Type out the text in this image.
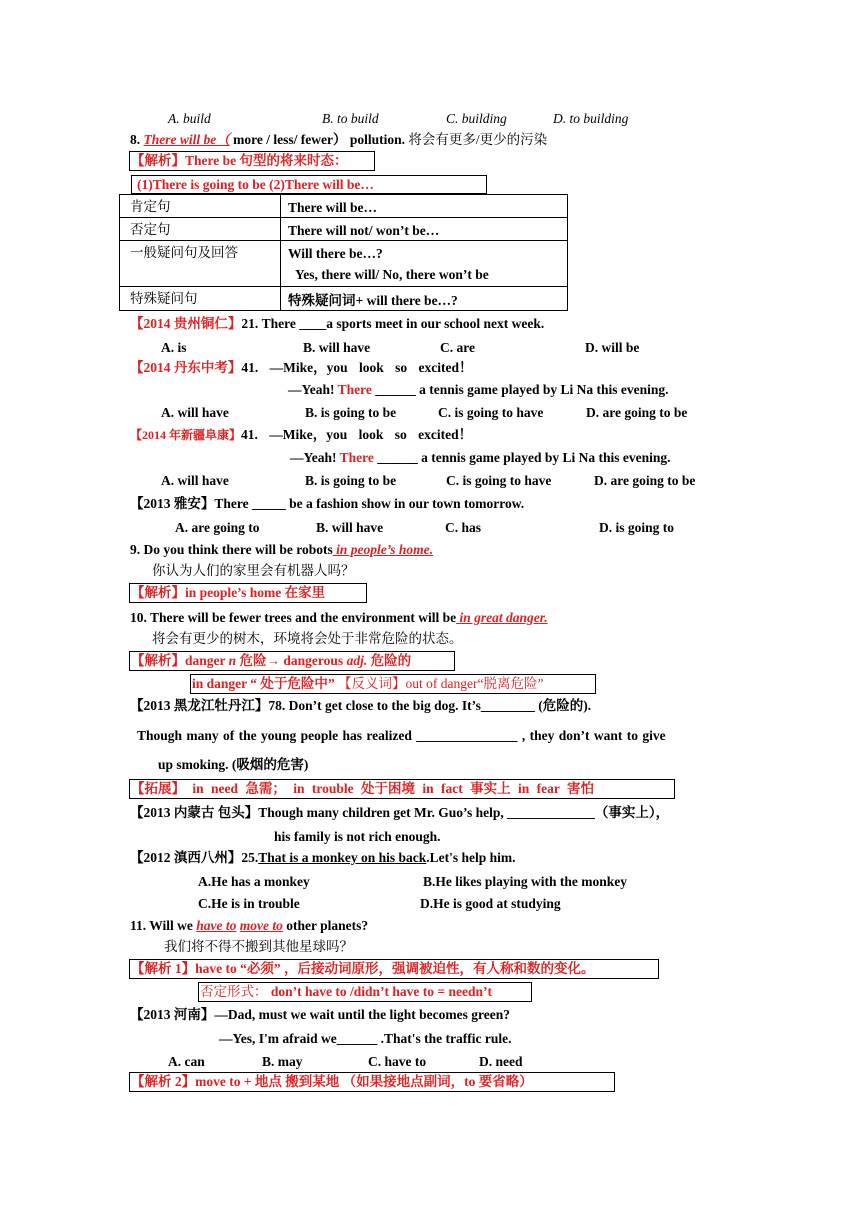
A. build	B. to build	C. building	D. to building
8. There will be（ more / less/ fewer） pollution. 将会有更多/更少的污染
【解析】There be 句型的将来时态：
(1)There is going to be (2)There will be…
肯定句	There will be…

否定句	There will not/ won’t be…

一般疑问句及回答	Will there be…?
Yes, there will/ No, there won’t be

特殊疑问句	特殊疑问词+ will there be…?
【2014 贵州铜仁】21. There ____a sports meet in our school next week.
A. is	B. will have	C. are	D. will be
【2014 丹东中考】41. —Mike，you look so excited！
—Yeah! There ______ a tennis game played by Li Na this evening.
A. will have	B. is going to be	C. is going to have	D. are going to be
【2014 年新疆阜康】41. —Mike，you look so excited！
—Yeah! There ______ a tennis game played by Li Na this evening.
A. will have	B. is going to be	C. is going to have	D. are going to be
【2013 雅安】There _____ be a fashion show in our town tomorrow.
A. are going to	B. will have	C. has	D. is going to
9. Do you think there will be robots in people’s home.
你认为人们的家里会有机器人吗？
【解析】in people’s home 在家里
10. There will be fewer trees and the environment will be in great danger.
将会有更少的树木，环境将会处于非常危险的状态。
【解析】danger n 危险→ dangerous adj. 危险的
in danger “ 处于危险中” 【反义词】out of danger“脱离危险”
【2013 黑龙江牡丹江】78. Don’t get close to the big dog. It’s________ (危险的).
Though many of the young people has realized _______________ , they don’t want to give
up smoking. (吸烟的危害)
【拓展】 in need 急需； in trouble 处于困境 in fact 事实上 in fear 害怕
【2013 内蒙古 包头】Though many children get Mr. Guo’s help, _____________（事实上），
his family is not rich enough.
【2012 滇西八州】25.That is a monkey on his back.Let's help him.
A.He has a monkey	B.He likes playing with the monkey
C.He is in trouble	D.He is good at studying
11. Will we have to move to other planets?
我们将不得不搬到其他星球吗？
【解析 1】have to “必须” ，后接动词原形，强调被迫性，有人称和数的变化。
否定形式： don’t have to /didn’t have to = needn’t
【2013 河南】—Dad, must we wait until the light becomes green?
—Yes, I'm afraid we______ .That's the traffic rule.
A. can	B. may	C. have to	D. need
【解析 2】move to + 地点 搬到某地 （如果接地点副词，to 要省略）
